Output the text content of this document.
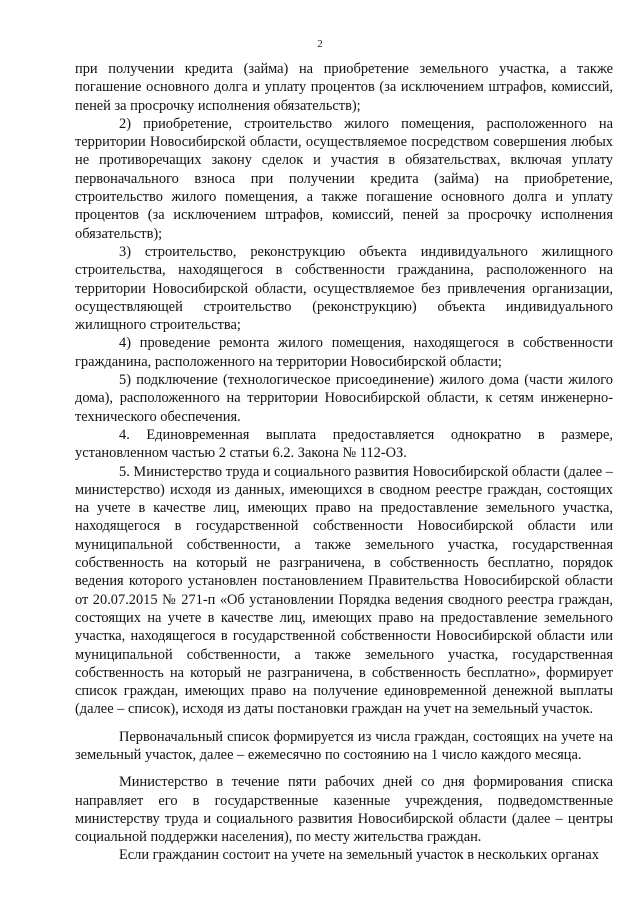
2

при получении кредита (займа) на приобретение земельного участка, а также погашение основного долга и уплату процентов (за исключением штрафов, комиссий, пеней за просрочку исполнения обязательств);

2) приобретение, строительство жилого помещения, расположенного на территории Новосибирской области, осуществляемое посредством совершения любых не противоречащих закону сделок и участия в обязательствах, включая уплату первоначального взноса при получении кредита (займа) на приобретение, строительство жилого помещения, а также погашение основного долга и уплату процентов (за исключением штрафов, комиссий, пеней за просрочку исполнения обязательств);

3) строительство, реконструкцию объекта индивидуального жилищного строительства, находящегося в собственности гражданина, расположенного на территории Новосибирской области, осуществляемое без привлечения организации, осуществляющей строительство (реконструкцию) объекта индивидуального жилищного строительства;

4) проведение ремонта жилого помещения, находящегося в собственности гражданина, расположенного на территории Новосибирской области;

5) подключение (технологическое присоединение) жилого дома (части жилого дома), расположенного на территории Новосибирской области, к сетям инженерно-технического обеспечения.

4. Единовременная выплата предоставляется однократно в размере, установленном частью 2 статьи 6.2. Закона № 112-ОЗ.

5. Министерство труда и социального развития Новосибирской области (далее – министерство) исходя из данных, имеющихся в сводном реестре граждан, состоящих на учете в качестве лиц, имеющих право на предоставление земельного участка, находящегося в государственной собственности Новосибирской области или муниципальной собственности, а также земельного участка, государственная собственность на который не разграничена, в собственность бесплатно, порядок ведения которого установлен постановлением Правительства Новосибирской области от 20.07.2015 № 271-п «Об установлении Порядка ведения сводного реестра граждан, состоящих на учете в качестве лиц, имеющих право на предоставление земельного участка, находящегося в государственной собственности Новосибирской области или муниципальной собственности, а также земельного участка, государственная собственность на который не разграничена, в собственность бесплатно», формирует список граждан, имеющих право на получение единовременной денежной выплаты (далее – список), исходя из даты постановки граждан на учет на земельный участок.

Первоначальный список формируется из числа граждан, состоящих на учете на земельный участок, далее – ежемесячно по состоянию на 1 число каждого месяца.

Министерство в течение пяти рабочих дней со дня формирования списка направляет его в государственные казенные учреждения, подведомственные министерству труда и социального развития Новосибирской области (далее – центры социальной поддержки населения), по месту жительства граждан.

Если гражданин состоит на учете на земельный участок в нескольких органах
